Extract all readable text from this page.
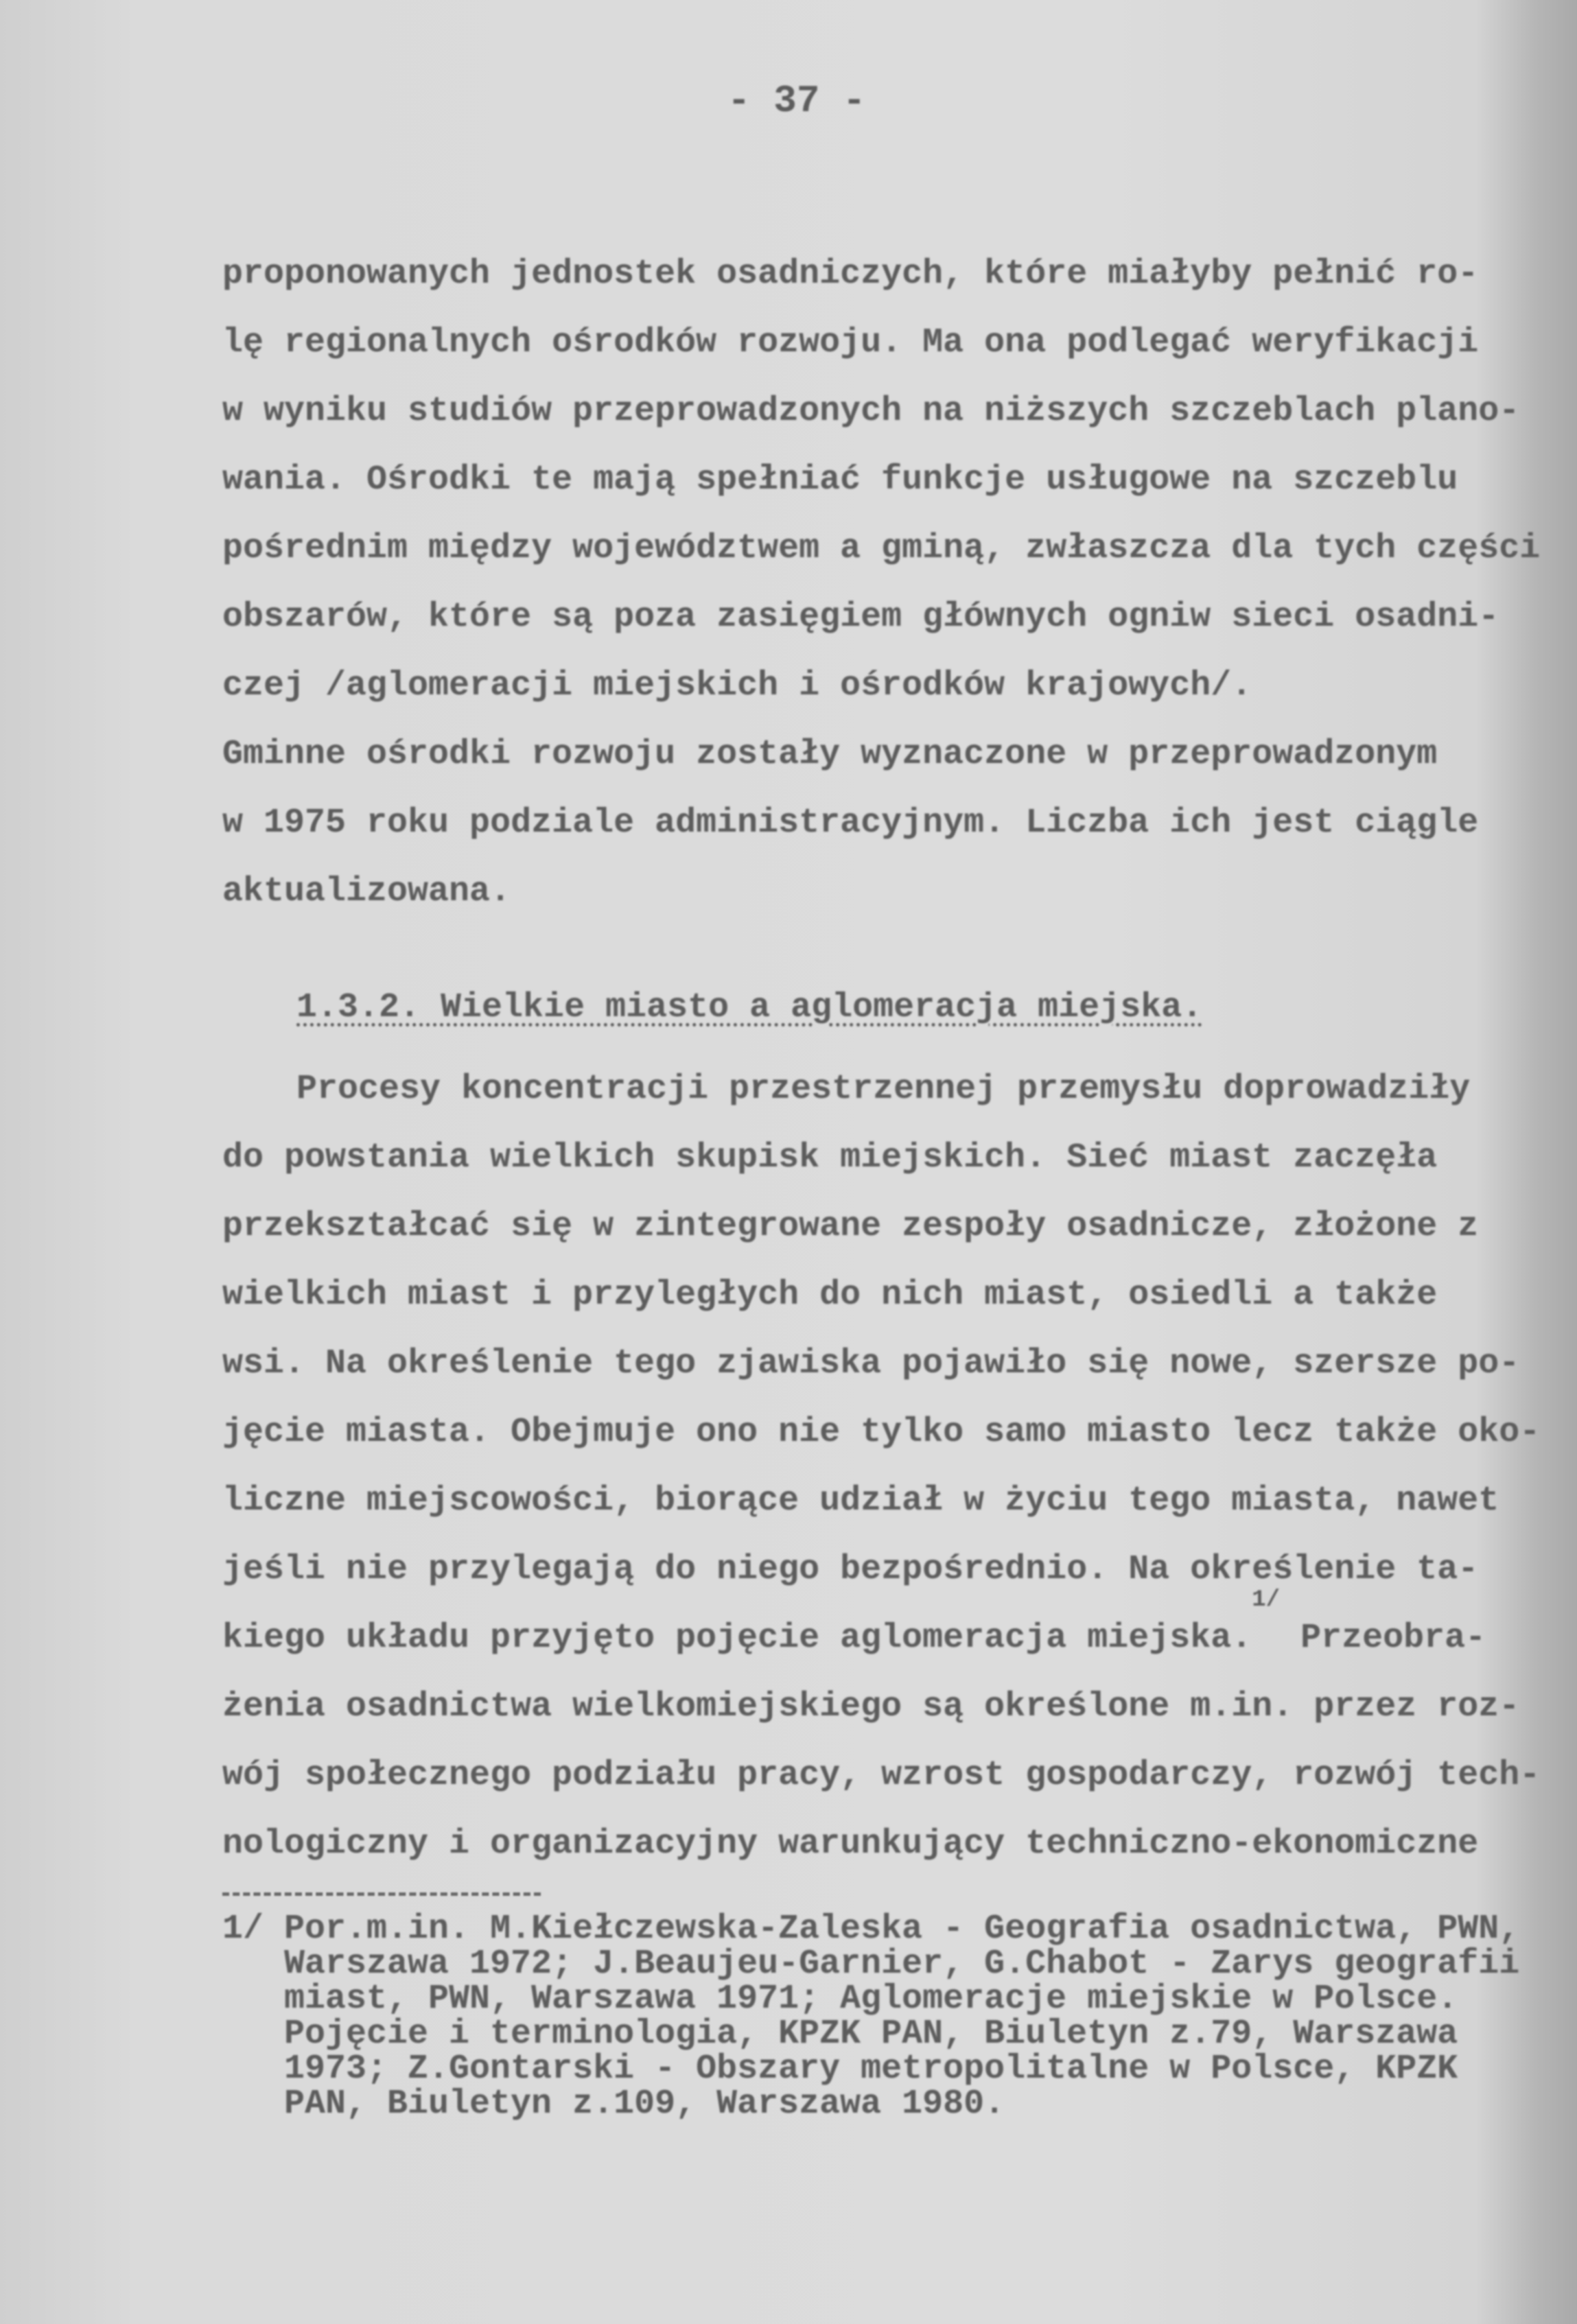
- 37 -
proponowanych jednostek osadniczych, które miałyby pełnić ro-
lę regionalnych ośrodków rozwoju. Ma ona podlegać weryfikacji
w wyniku studiów przeprowadzonych na niższych szczeblach plano-
wania. Ośrodki te mają spełniać funkcje usługowe na szczeblu
pośrednim między województwem a gminą, zwłaszcza dla tych części
obszarów, które są poza zasięgiem głównych ogniw sieci osadni-
czej /aglomeracji miejskich i ośrodków krajowych/.
Gminne ośrodki rozwoju zostały wyznaczone w przeprowadzonym
w 1975 roku podziale administracyjnym. Liczba ich jest ciągle
aktualizowana.
1.3.2. Wielkie miasto a aglomeracja miejska.
Procesy koncentracji przestrzennej przemysłu doprowadziły
do powstania wielkich skupisk miejskich. Sieć miast zaczęła
przekształcać się w zintegrowane zespoły osadnicze, złożone z
wielkich miast i przyległych do nich miast, osiedli a także
wsi. Na określenie tego zjawiska pojawiło się nowe, szersze po-
jęcie miasta. Obejmuje ono nie tylko samo miasto lecz także oko-
liczne miejscowości, biorące udział w życiu tego miasta, nawet
jeśli nie przylegają do niego bezpośrednio. Na określenie ta-
kiego układu przyjęto pojęcie aglomeracja miejska.$^{1/}$ Przeobra-
żenia osadnictwa wielkomiejskiego są określone m.in. przez roz-
wój społecznego podziału pracy, wzrost gospodarczy, rozwój tech-
nologiczny i organizacyjny warunkujący techniczno-ekonomiczne
1/ Por.m.in. M.Kiełczewska-Zaleska - Geografia osadnictwa, PWN,
Warszawa 1972; J.Beaujeu-Garnier, G.Chabot - Zarys geografii
miast, PWN, Warszawa 1971; Aglomeracje miejskie w Polsce.
Pojęcie i terminologia, KPZK PAN, Biuletyn z.79, Warszawa
1973; Z.Gontarski - Obszary metropolitalne w Polsce, KPZK
PAN, Biuletyn z.109, Warszawa 1980.
